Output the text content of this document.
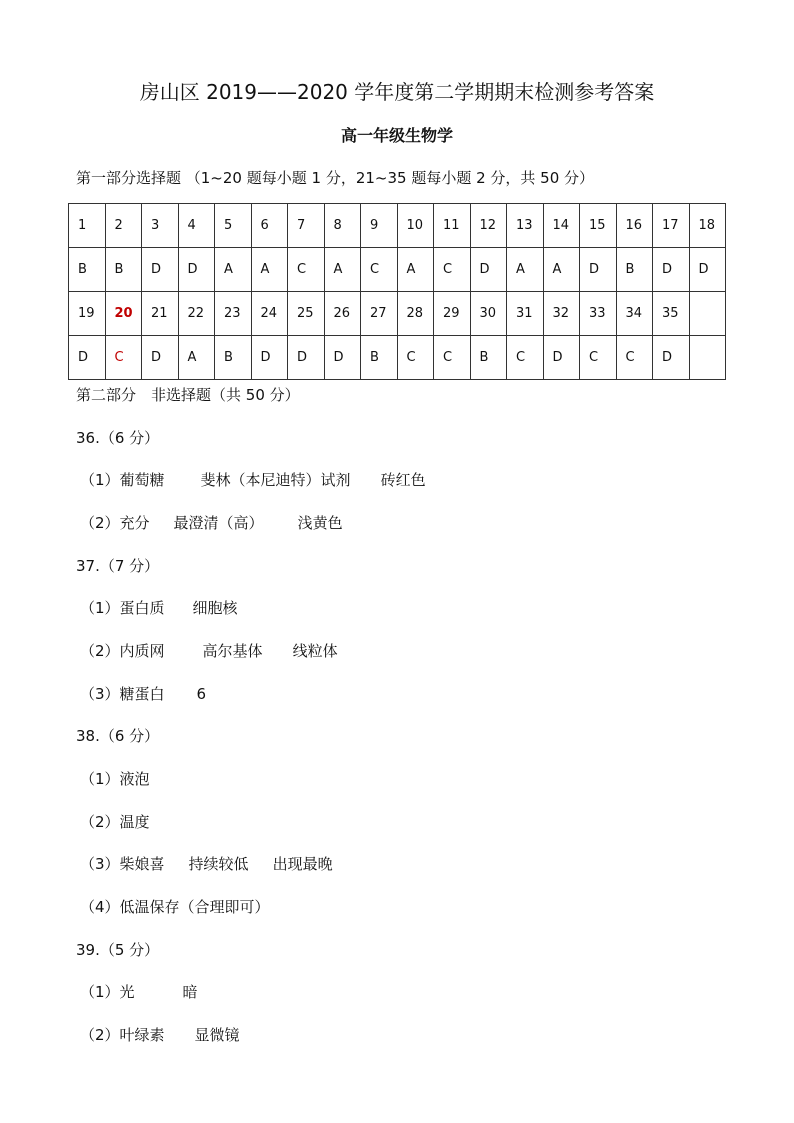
房山区 2019——2020 学年度第二学期期末检测参考答案
高一年级生物学
第一部分选择题 （1~20 题每小题 1 分，21~35 题每小题 2 分，共 50 分）
1	2	3	4	5	6	7	8	9	10	11	12	13	14	15	16	17	18
B	B	D	D	A	A	C	A	C	A	C	D	A	A	D	B	D	D
19	20	21	22	23	24	25	26	27	28	29	30	31	32	33	34	35	
D	C	D	A	B	D	D	D	B	C	C	B	C	D	C	C	D	
第二部分　非选择题（共 50 分）
36.（6 分）
（1）葡萄糖 斐林（本尼迪特）试剂 砖红色
（2）充分 最澄清（高） 浅黄色
37.（7 分）
（1）蛋白质 细胞核
（2）内质网	高尔基体 线粒体
（3）糖蛋白 6
38.（6 分）
（1）液泡
（2）温度
（3）柴娘喜 持续较低 出现最晚
（4）低温保存（合理即可）
39.（5 分）
（1）光	暗
（2）叶绿素 显微镜
